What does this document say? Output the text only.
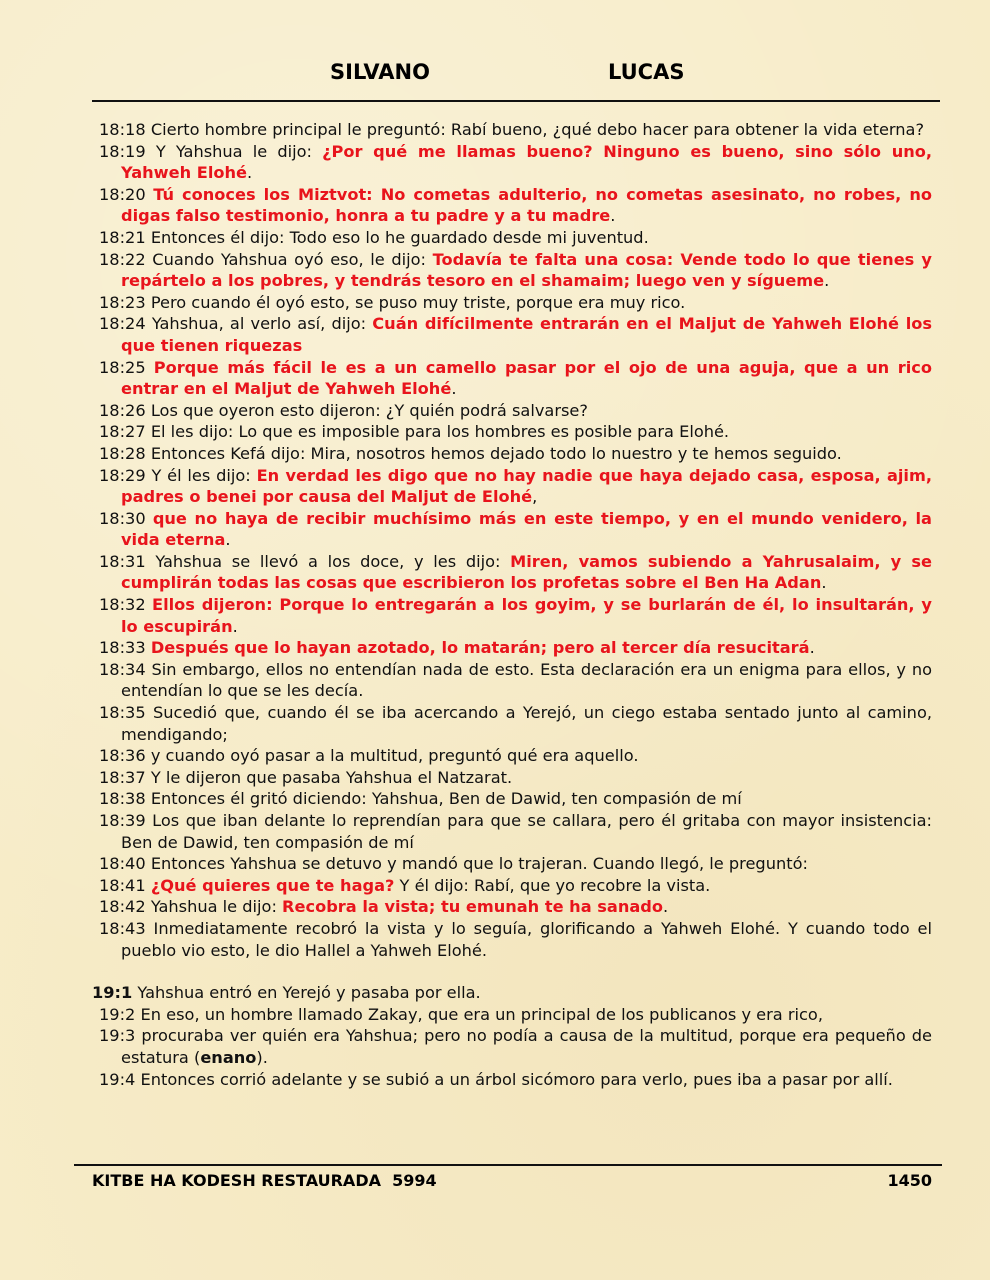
SILVANO	LUCAS

18:18 Cierto hombre principal le preguntó: Rabí bueno, ¿qué debo hacer para obtener la vida eterna?

18:19 Y Yahshua le dijo: ¿Por qué me llamas bueno? Ninguno es bueno, sino sólo uno, Yahweh Elohé.

18:20 Tú conoces los Miztvot: No cometas adulterio, no cometas asesinato, no robes, no digas falso testimonio, honra a tu padre y a tu madre.

18:21 Entonces él dijo: Todo eso lo he guardado desde mi juventud.

18:22 Cuando Yahshua oyó eso, le dijo: Todavía te falta una cosa: Vende todo lo que tienes y repártelo a los pobres, y tendrás tesoro en el shamaim; luego ven y sígueme.

18:23 Pero cuando él oyó esto, se puso muy triste, porque era muy rico.

18:24 Yahshua, al verlo así, dijo: Cuán difícilmente entrarán en el Maljut de Yahweh Elohé los que tienen riquezas

18:25 Porque más fácil le es a un camello pasar por el ojo de una aguja, que a un rico entrar en el Maljut de Yahweh Elohé.

18:26 Los que oyeron esto dijeron: ¿Y quién podrá salvarse?

18:27 El les dijo: Lo que es imposible para los hombres es posible para Elohé.

18:28 Entonces Kefá dijo: Mira, nosotros hemos dejado todo lo nuestro y te hemos seguido.

18:29 Y él les dijo: En verdad les digo que no hay nadie que haya dejado casa, esposa, ajim, padres o benei por causa del Maljut de Elohé,

18:30 que no haya de recibir muchísimo más en este tiempo, y en el mundo venidero, la vida eterna.

18:31 Yahshua se llevó a los doce, y les dijo: Miren, vamos subiendo a Yahrusalaim, y se cumplirán todas las cosas que escribieron los profetas sobre el Ben Ha Adan.

18:32 Ellos dijeron: Porque lo entregarán a los goyim, y se burlarán de él, lo insultarán, y lo escupirán.

18:33 Después que lo hayan azotado, lo matarán; pero al tercer día resucitará.

18:34 Sin embargo, ellos no entendían nada de esto. Esta declaración era un enigma para ellos, y no entendían lo que se les decía.

18:35 Sucedió que, cuando él se iba acercando a Yerejó, un ciego estaba sentado junto al camino, mendigando;

18:36 y cuando oyó pasar a la multitud, preguntó qué era aquello.

18:37 Y le dijeron que pasaba Yahshua el Natzarat.

18:38 Entonces él gritó diciendo: Yahshua, Ben de Dawid, ten compasión de mí

18:39 Los que iban delante lo reprendían para que se callara, pero él gritaba con mayor insistencia: Ben de Dawid, ten compasión de mí

18:40 Entonces Yahshua se detuvo y mandó que lo trajeran. Cuando llegó, le preguntó:

18:41 ¿Qué quieres que te haga? Y él dijo: Rabí, que yo recobre la vista.

18:42 Yahshua le dijo: Recobra la vista; tu emunah te ha sanado.

18:43 Inmediatamente recobró la vista y lo seguía, glorificando a Yahweh Elohé. Y cuando todo el pueblo vio esto, le dio Hallel a Yahweh Elohé.

19:1 Yahshua entró en Yerejó y pasaba por ella.

19:2 En eso, un hombre llamado Zakay, que era un principal de los publicanos y era rico,

19:3 procuraba ver quién era Yahshua; pero no podía a causa de la multitud, porque era pequeño de estatura (enano).

19:4 Entonces corrió adelante y se subió a un árbol sicómoro para verlo, pues iba a pasar por allí.

KITBE HA KODESH RESTAURADA  5994	1450
